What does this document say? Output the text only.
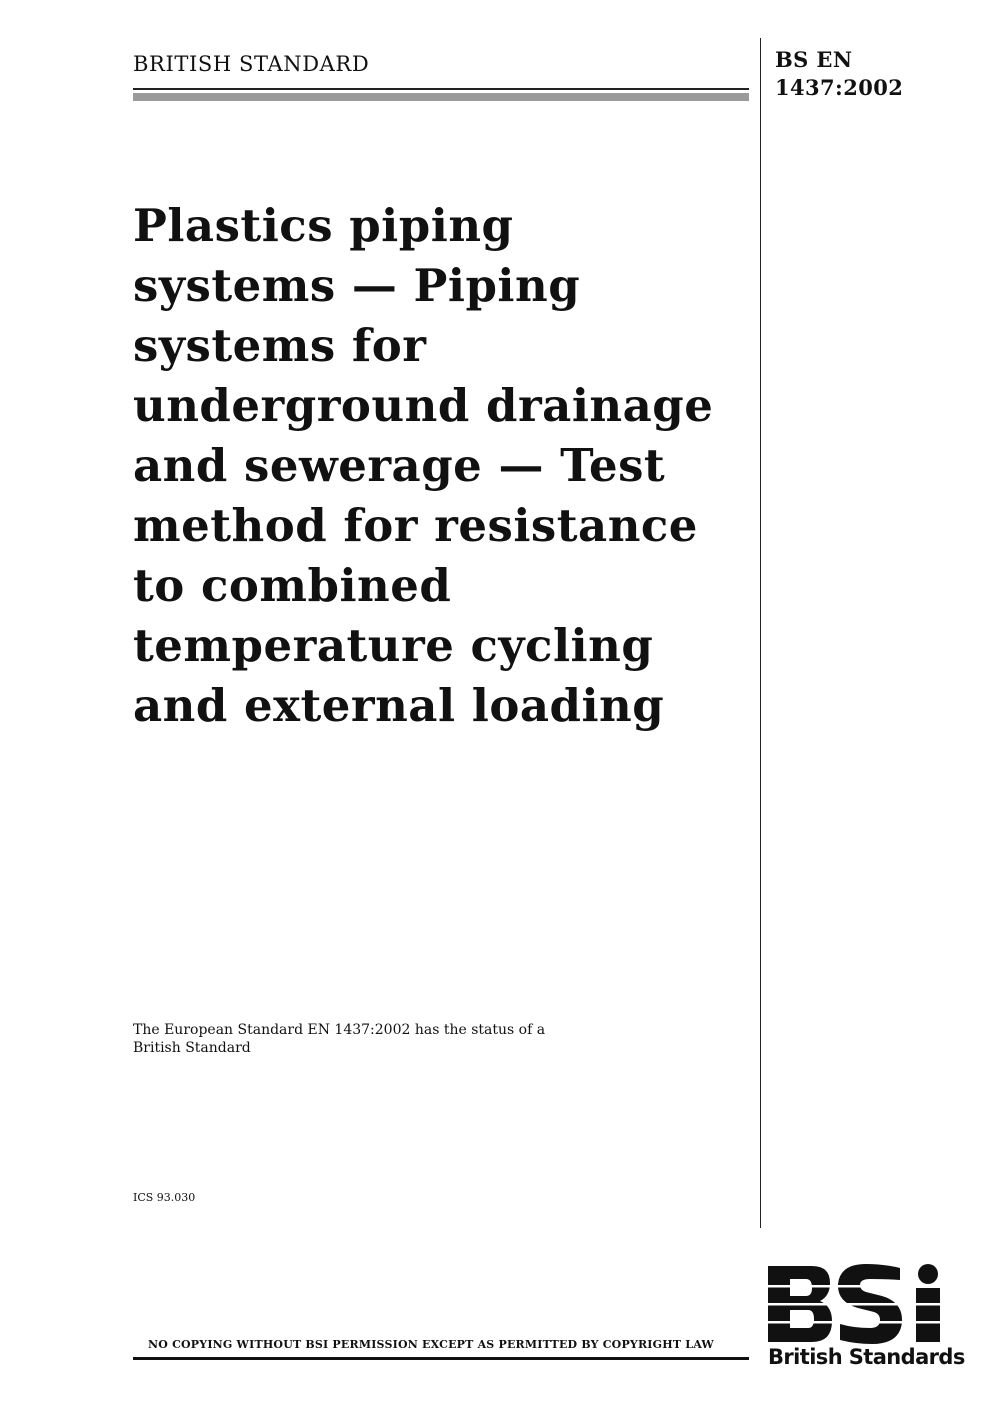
BRITISH STANDARD	BS EN
1437:2002
Plastics piping
systems — Piping
systems for
underground drainage
and sewerage — Test
method for resistance
to combined
temperature cycling
and external loading
The European Standard EN 1437:2002 has the status of a
British Standard
ICS 93.030
NO COPYING WITHOUT BSI PERMISSION EXCEPT AS PERMITTED BY COPYRIGHT LAW
British Standards
